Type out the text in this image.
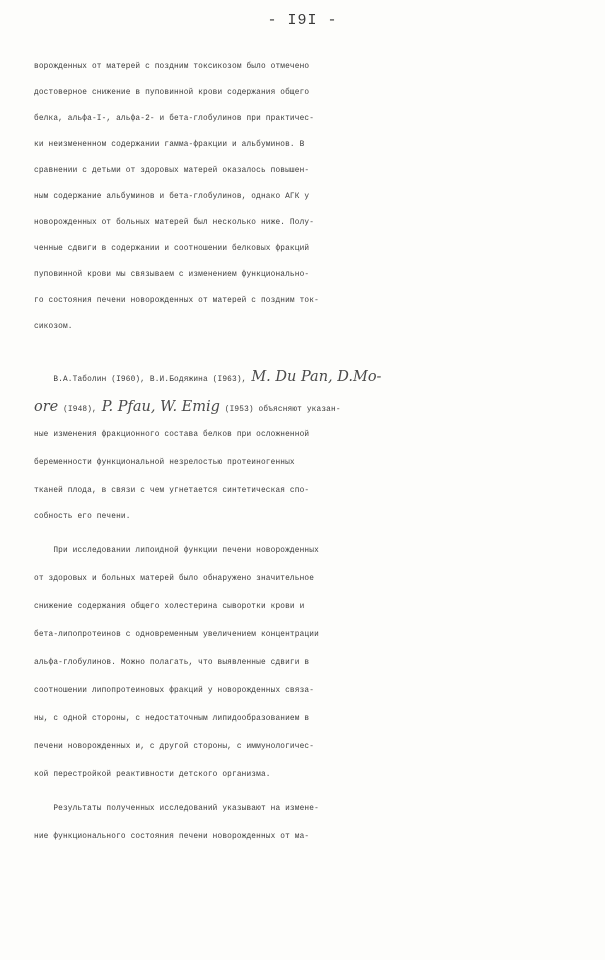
- I9I -
ворожденных от матерей с поздним токсикозом было отмечено
достоверное снижение в пуповинной крови содержания общего
белка, альфа-I-, альфа-2- и бета-глобулинов при практичес-
ки неизмененном содержании гамма-фракции и альбуминов. В
сравнении с детьми от здоровых матерей оказалось повышен-
ным содержание альбуминов и бета-глобулинов, однако АГК у
новорожденных от больных матерей был несколько ниже. Полу-
ченные сдвиги в содержании и соотношении белковых фракций
пуповинной крови мы связываем с изменением функционально-
го состояния печени новорожденных от матерей с поздним ток-
сикозом.
В.А.Таболин (I960), В.И.Бодяжина (I963), M. Du Pan, D.Mo-
ore (I948), P. Pfau, W. Emig (I953) объясняют указан-
ные изменения фракционного состава белков при осложненной
беременности функциональной незрелостью протеиногенных
тканей плода, в связи с чем угнетается синтетическая спо-
собность его печени.
При исследовании липоидной функции печени новорожденных
от здоровых и больных матерей было обнаружено значительное
снижение содержания общего холестерина сыворотки крови и
бета-липопротеинов с одновременным увеличением концентрации
альфа-глобулинов. Можно полагать, что выявленные сдвиги в
соотношении липопротеиновых фракций у новорожденных связа-
ны, с одной стороны, с недостаточным липидообразованием в
печени новорожденных и, с другой стороны, с иммунологичес-
кой перестройкой реактивности детского организма.
Результаты полученных исследований указывают на измене-
ние функционального состояния печени новорожденных от ма-
